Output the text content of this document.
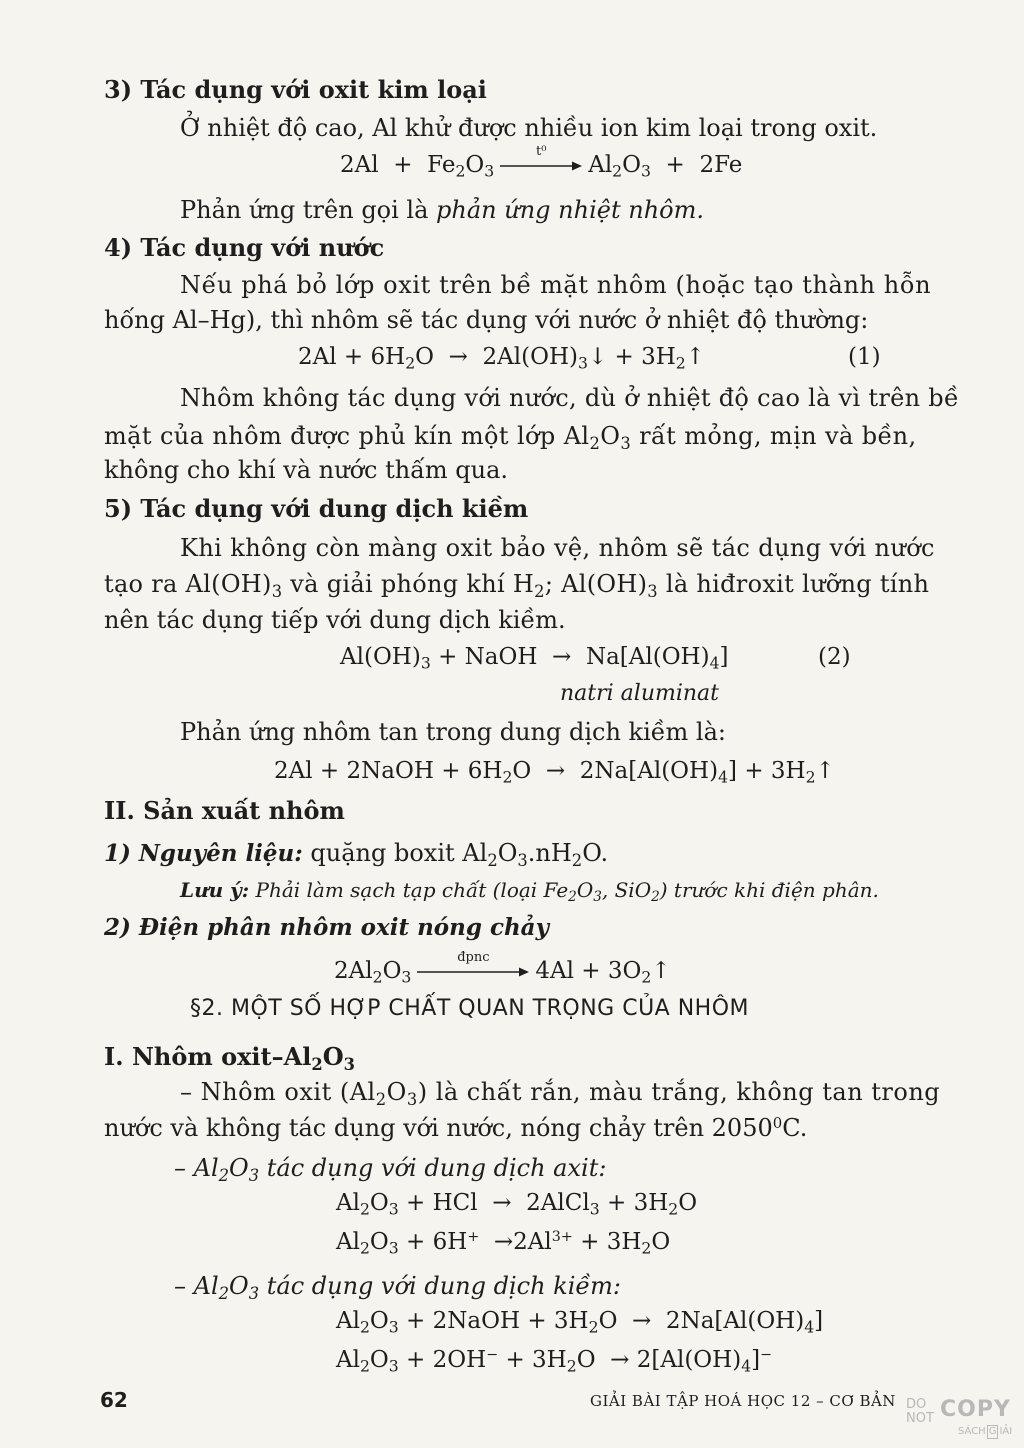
3) Tác dụng với oxit kim loại
Ở nhiệt độ cao, Al khử được nhiều ion kim loại trong oxit.
$2Al + Fe_2O_3$
t⁰
$Al_2O_3 + 2Fe$
Phản ứng trên gọi là phản ứng nhiệt nhôm.
4) Tác dụng với nước
Nếu phá bỏ lớp oxit trên bề mặt nhôm (hoặc tạo thành hỗn
hống Al–Hg), thì nhôm sẽ tác dụng với nước ở nhiệt độ thường:
$2Al + 6H_2O$  →  $2Al(OH)_3↓$ + $3H_2↑$	(1)
Nhôm không tác dụng với nước, dù ở nhiệt độ cao là vì trên bề
mặt của nhôm được phủ kín một lớp $Al_2O_3$ rất mỏng, mịn và bền,
không cho khí và nước thấm qua.
5) Tác dụng với dung dịch kiềm
Khi không còn màng oxit bảo vệ, nhôm sẽ tác dụng với nước
tạo ra $Al(OH)_3$ và giải phóng khí $H_2$; $Al(OH)_3$ là hiđroxit lưỡng tính
nên tác dụng tiếp với dung dịch kiềm.
$Al(OH)_3$ + NaOH  →  $Na[Al(OH)_4]$	(2)
natri aluminat
Phản ứng nhôm tan trong dung dịch kiềm là:
2Al + 2NaOH + $6H_2O \to 2Na[Al(OH)_4]$ + $3H_2↑$
II. Sản xuất nhôm
1) Nguyên liệu: quặng boxit $Al_2O_3.nH_2O$.
Lưu ý: Phải làm sạch tạp chất (loại $Fe_2O_3$, SiO$_2$) trước khi điện phân.
2) Điện phân nhôm oxit nóng chảy
$2Al_2O_3$
đpnc
$4Al + 3O_2↑$
§2. MỘT SỐ HỢP CHẤT QUAN TRỌNG CỦA NHÔM
I. Nhôm oxit–$Al_2O_3$
– Nhôm oxit $(Al_2O_3)$ là chất rắn, màu trắng, không tan trong
nước và không tác dụng với nước, nóng chảy trên 2050$^0$C.
– $Al_2O_3$ tác dụng với dung dịch axit:
$Al_2O_3$ + HCl  →  2AlCl$_3$ + $3H_2O$
$Al_2O_3 + 6H^+ \to 2Al^{3+} + 3H_2O$
– $Al_2O_3$ tác dụng với dung dịch kiềm:
$Al_2O_3$ + 2NaOH + $3H_2O \to 2Na[Al(OH)_4]$
$Al_2O_3 + 2OH^- + 3H_2O \to 2[Al(OH)_4]^-$
62	GIẢI BÀI TẬP HOÁ HỌC 12 – CƠ BẢN DO
NOT COPY
SÁCH G IẢI
